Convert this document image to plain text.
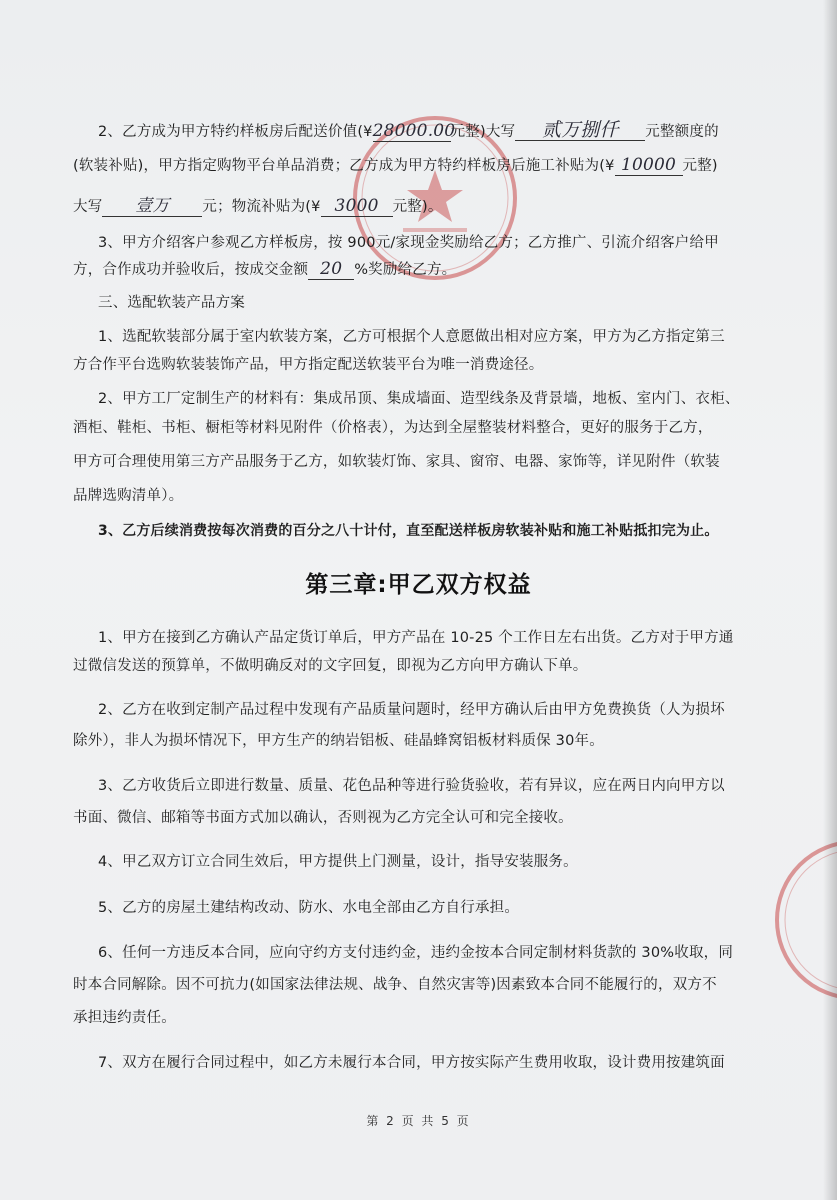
2、乙方成为甲方特约样板房后配送价值(¥28000.00元整)大写 贰万捌仟 元整额度的
(软装补贴)，甲方指定购物平台单品消费；乙方成为甲方特约样板房后施工补贴为(¥ 10000 元整)
大写 壹万 元；物流补贴为(¥ 3000 元整)。
3、甲方介绍客户参观乙方样板房，按 900元/家现金奖励给乙方；乙方推广、引流介绍客户给甲
方，合作成功并验收后，按成交金额 20 %奖励给乙方。
三、选配软装产品方案
1、选配软装部分属于室内软装方案，乙方可根据个人意愿做出相对应方案，甲方为乙方指定第三
方合作平台选购软装装饰产品，甲方指定配送软装平台为唯一消费途径。
2、甲方工厂定制生产的材料有：集成吊顶、集成墙面、造型线条及背景墙，地板、室内门、衣柜、
酒柜、鞋柜、书柜、橱柜等材料见附件（价格表），为达到全屋整装材料整合，更好的服务于乙方，
甲方可合理使用第三方产品服务于乙方，如软装灯饰、家具、窗帘、电器、家饰等，详见附件（软装
品牌选购清单）。
3、乙方后续消费按每次消费的百分之八十计付，直至配送样板房软装补贴和施工补贴抵扣完为止。
第三章:甲乙双方权益
1、甲方在接到乙方确认产品定货订单后，甲方产品在 10-25 个工作日左右出货。乙方对于甲方通
过微信发送的预算单，不做明确反对的文字回复，即视为乙方向甲方确认下单。
2、乙方在收到定制产品过程中发现有产品质量问题时，经甲方确认后由甲方免费换货（人为损坏
除外），非人为损坏情况下，甲方生产的纳岩铝板、硅晶蜂窝铝板材料质保 30年。
3、乙方收货后立即进行数量、质量、花色品种等进行验货验收，若有异议，应在两日内向甲方以
书面、微信、邮箱等书面方式加以确认，否则视为乙方完全认可和完全接收。
4、甲乙双方订立合同生效后，甲方提供上门测量，设计，指导安装服务。
5、乙方的房屋土建结构改动、防水、水电全部由乙方自行承担。
6、任何一方违反本合同，应向守约方支付违约金，违约金按本合同定制材料货款的 30%收取，同
时本合同解除。因不可抗力(如国家法律法规、战争、自然灾害等)因素致本合同不能履行的，双方不
承担违约责任。
7、双方在履行合同过程中，如乙方未履行本合同，甲方按实际产生费用收取，设计费用按建筑面
第 2 页 共 5 页
